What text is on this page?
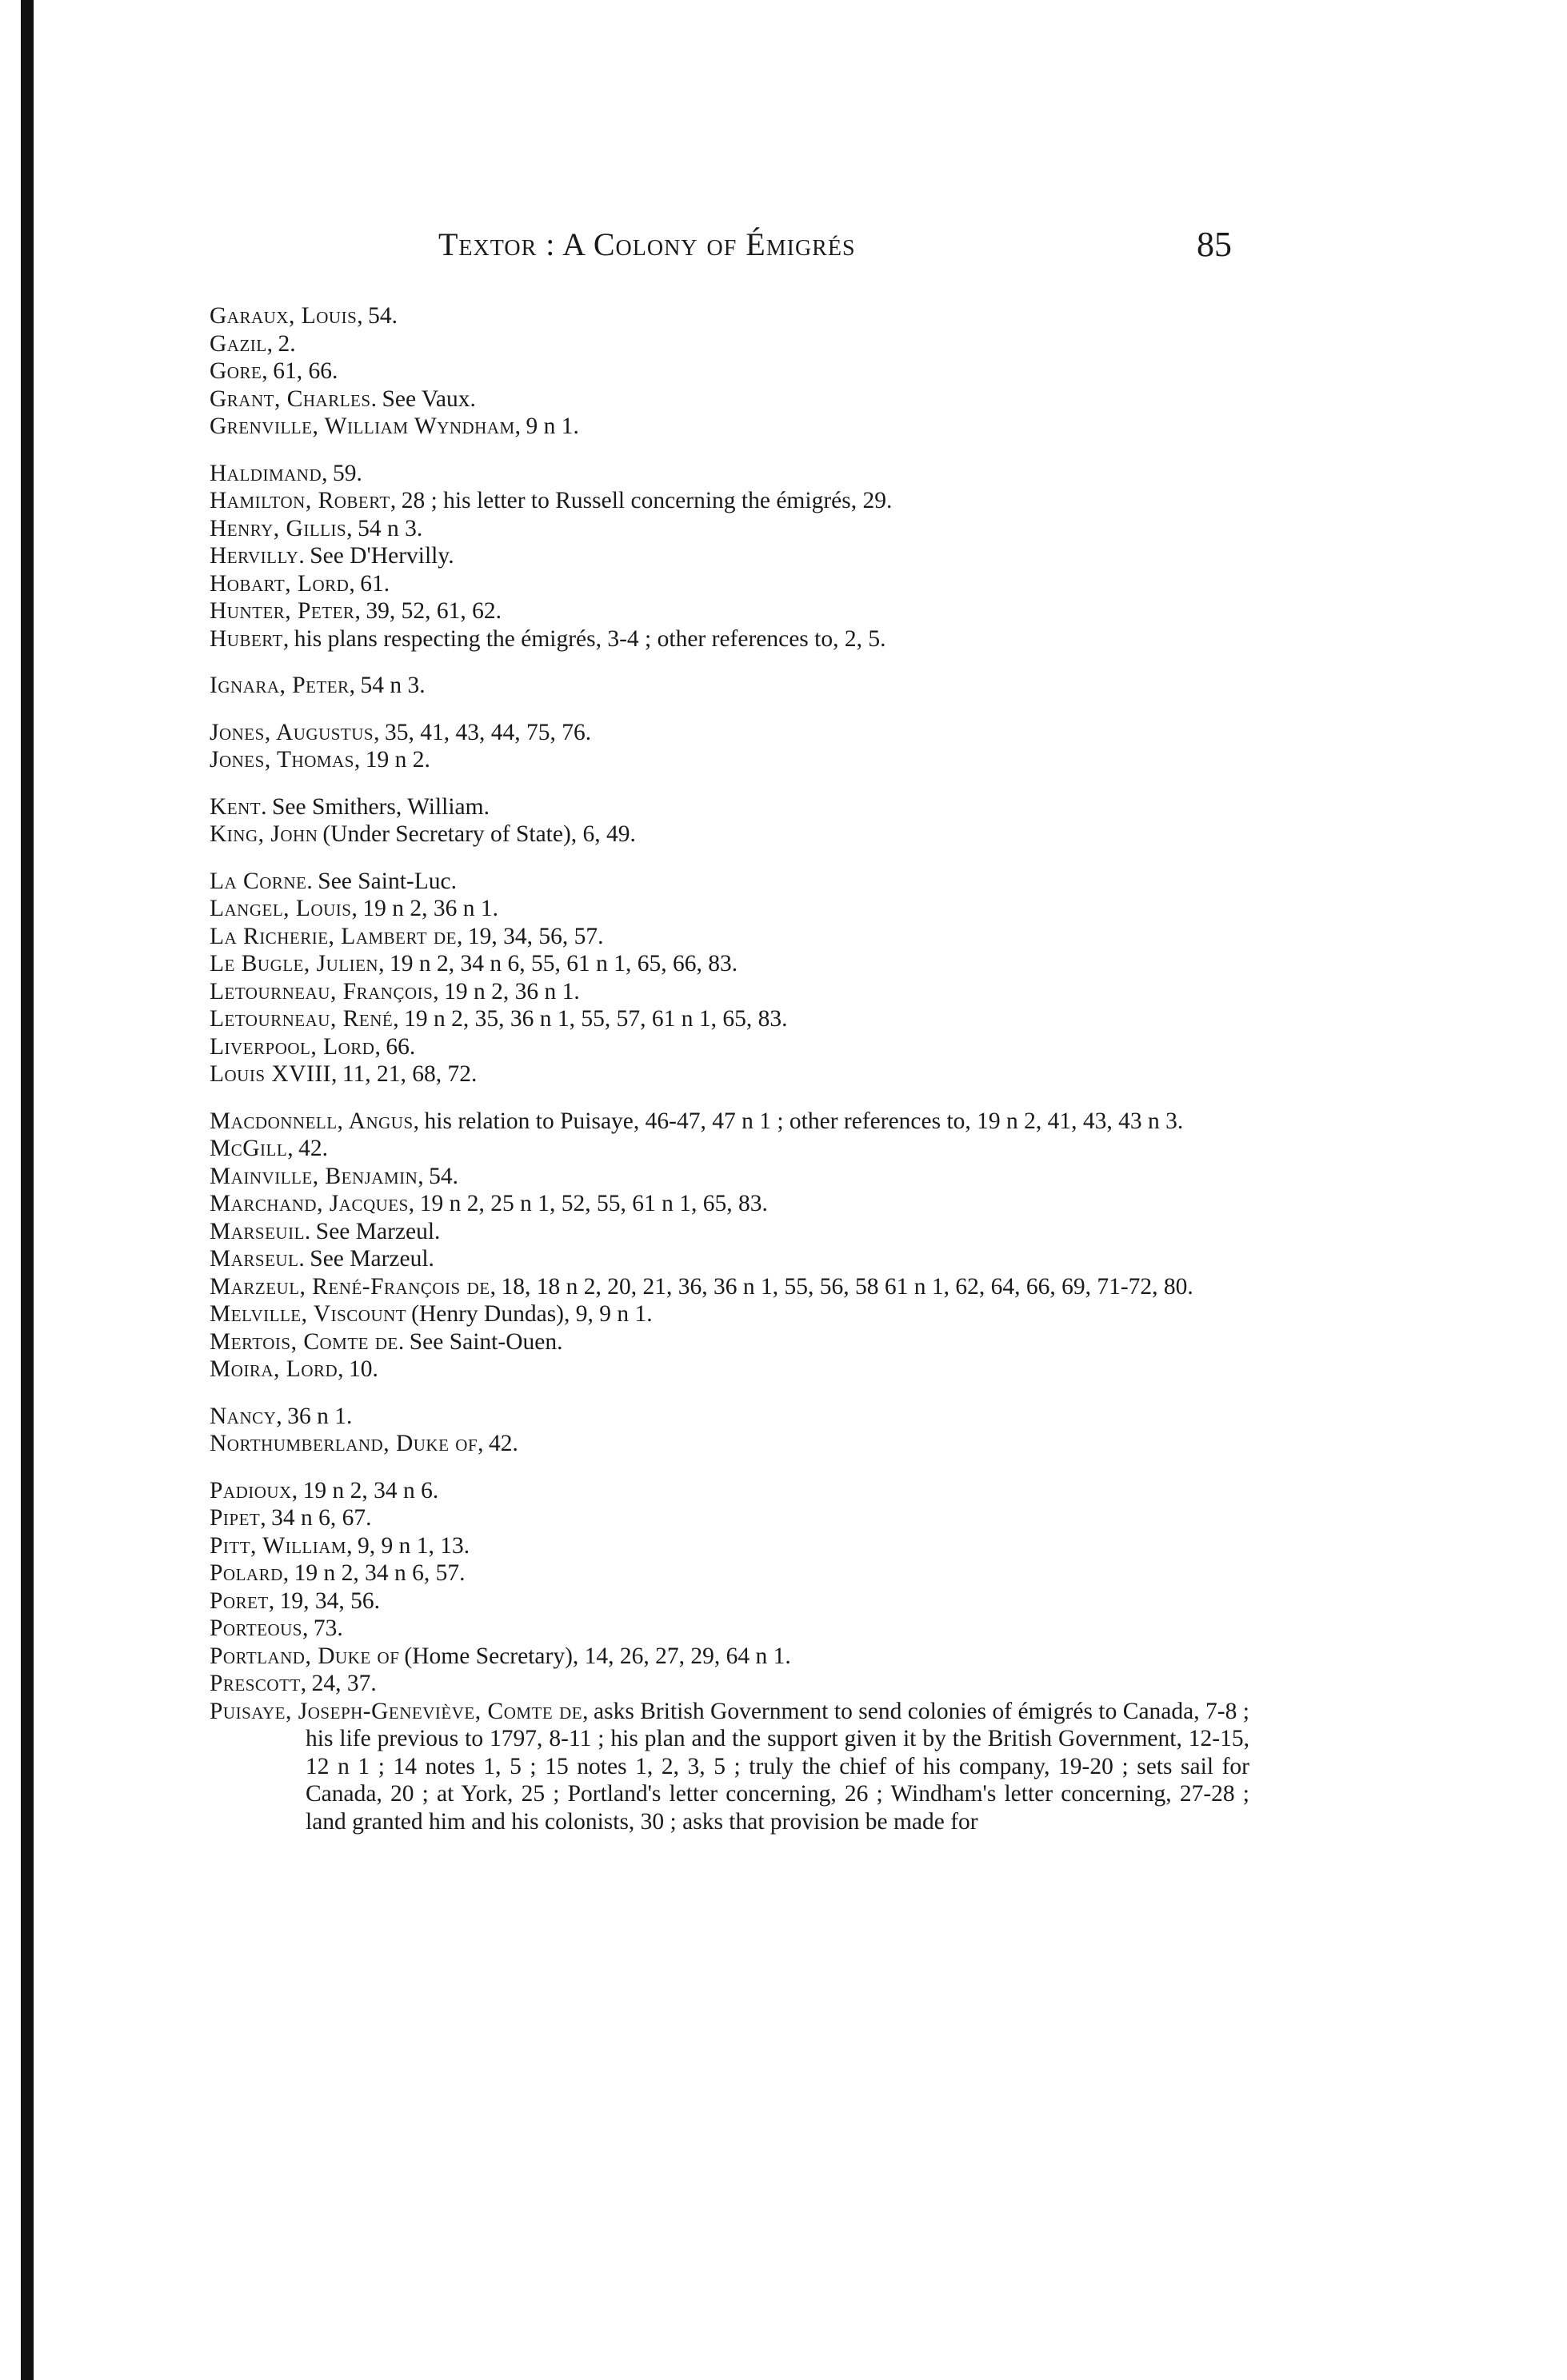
Textor : A Colony of Émigrés	85
Garaux, Louis, 54.
Gazil, 2.
Gore, 61, 66.
Grant, Charles. See Vaux.
Grenville, William Wyndham, 9 n 1.
Haldimand, 59.
Hamilton, Robert, 28 ; his letter to Russell concerning the émigrés, 29.
Henry, Gillis, 54 n 3.
Hervilly. See D'Hervilly.
Hobart, Lord, 61.
Hunter, Peter, 39, 52, 61, 62.
Hubert, his plans respecting the émigrés, 3-4 ; other references to, 2, 5.
Ignara, Peter, 54 n 3.
Jones, Augustus, 35, 41, 43, 44, 75, 76.
Jones, Thomas, 19 n 2.
Kent. See Smithers, William.
King, John (Under Secretary of State), 6, 49.
La Corne. See Saint-Luc.
Langel, Louis, 19 n 2, 36 n 1.
La Richerie, Lambert de, 19, 34, 56, 57.
Le Bugle, Julien, 19 n 2, 34 n 6, 55, 61 n 1, 65, 66, 83.
Letourneau, François, 19 n 2, 36 n 1.
Letourneau, René, 19 n 2, 35, 36 n 1, 55, 57, 61 n 1, 65, 83.
Liverpool, Lord, 66.
Louis XVIII, 11, 21, 68, 72.
Macdonnell, Angus, his relation to Puisaye, 46-47, 47 n 1 ; other references to, 19 n 2, 41, 43, 43 n 3.
McGill, 42.
Mainville, Benjamin, 54.
Marchand, Jacques, 19 n 2, 25 n 1, 52, 55, 61 n 1, 65, 83.
Marseuil. See Marzeul.
Marseul. See Marzeul.
Marzeul, René-François de, 18, 18 n 2, 20, 21, 36, 36 n 1, 55, 56, 58 61 n 1, 62, 64, 66, 69, 71-72, 80.
Melville, Viscount (Henry Dundas), 9, 9 n 1.
Mertois, Comte de. See Saint-Ouen.
Moira, Lord, 10.
Nancy, 36 n 1.
Northumberland, Duke of, 42.
Padioux, 19 n 2, 34 n 6.
Pipet, 34 n 6, 67.
Pitt, William, 9, 9 n 1, 13.
Polard, 19 n 2, 34 n 6, 57.
Poret, 19, 34, 56.
Porteous, 73.
Portland, Duke of (Home Secretary), 14, 26, 27, 29, 64 n 1.
Prescott, 24, 37.
Puisaye, Joseph-Geneviève, Comte de, asks British Government to send colonies of émigrés to Canada, 7-8 ; his life previous to 1797, 8-11 ; his plan and the support given it by the British Government, 12-15, 12 n 1 ; 14 notes 1, 5 ; 15 notes 1, 2, 3, 5 ; truly the chief of his company, 19-20 ; sets sail for Canada, 20 ; at York, 25 ; Portland's letter concerning, 26 ; Windham's letter concerning, 27-28 ; land granted him and his colonists, 30 ; asks that provision be made for
